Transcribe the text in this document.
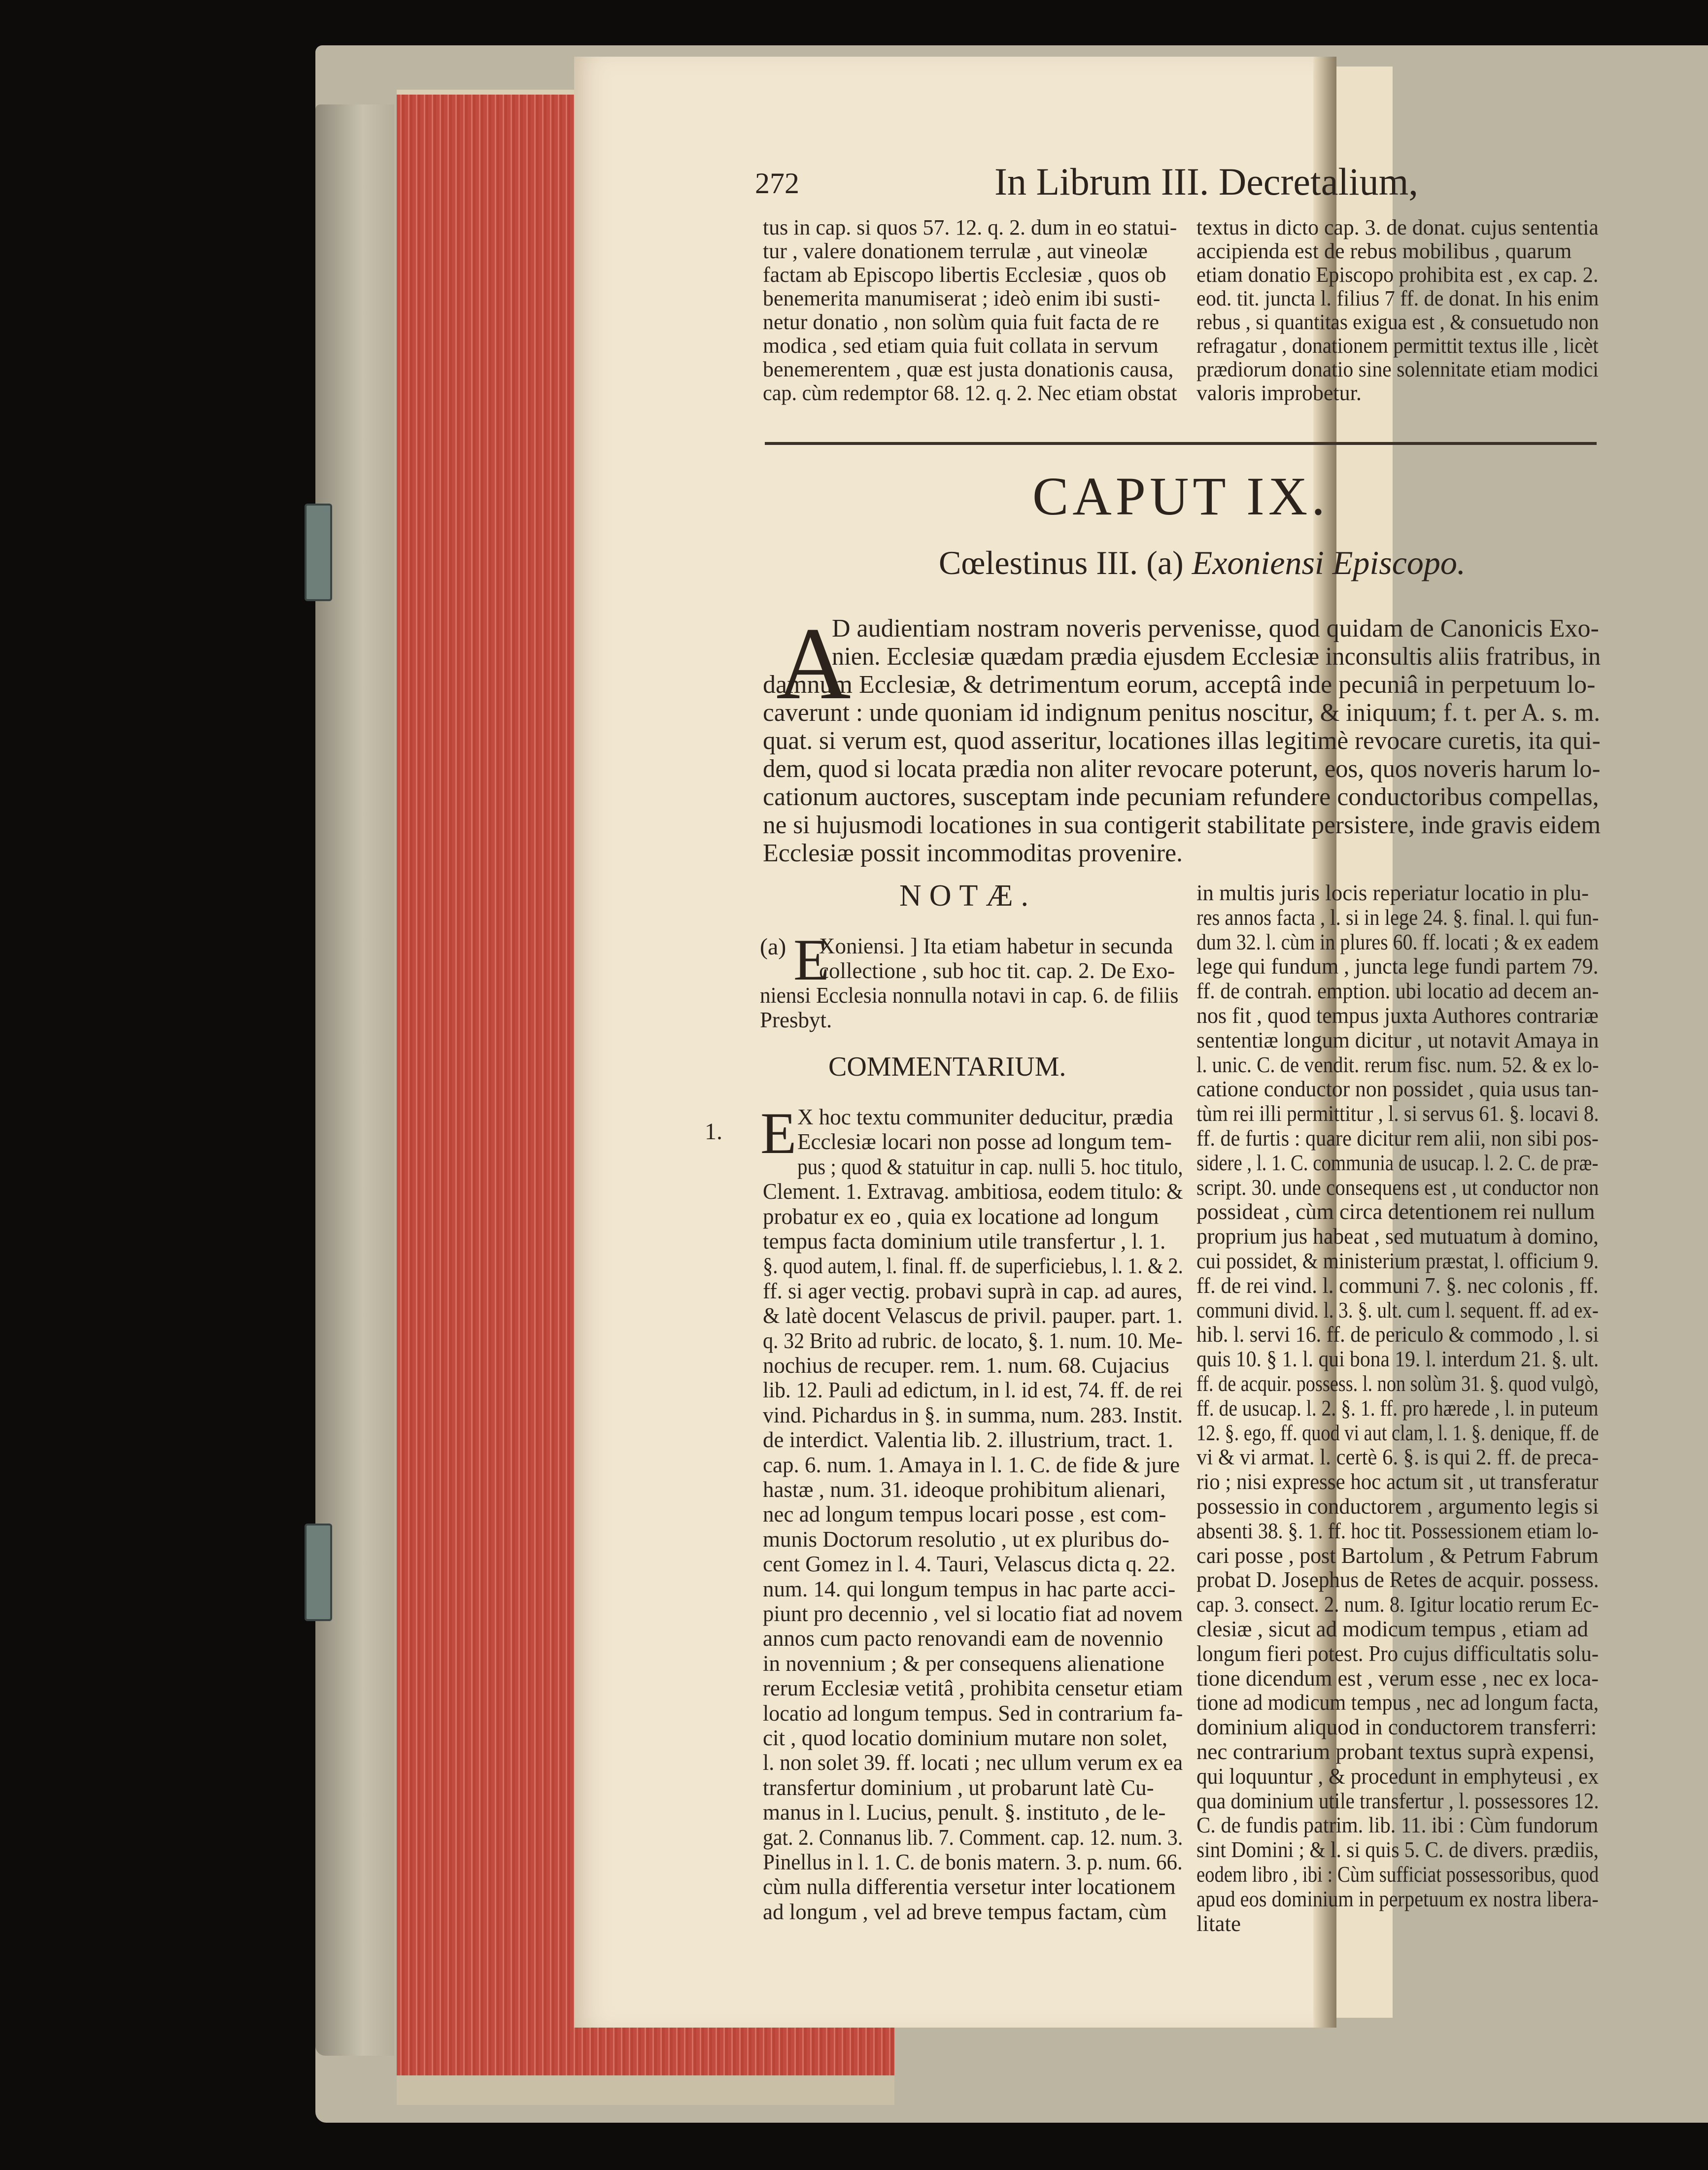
272	In Librum III. Decretalium,
tus in cap. si quos 57. 12. q. 2. dum in eo statui-
tur , valere donationem terrulæ , aut vineolæ
factam ab Episcopo libertis Ecclesiæ , quos ob
benemerita manumiserat ; ideò enim ibi susti-
netur donatio , non solùm quia fuit facta de re
modica , sed etiam quia fuit collata in servum
benemerentem , quæ est justa donationis causa,
cap. cùm redemptor 68. 12. q. 2. Nec etiam obstat
textus in dicto cap. 3. de donat. cujus sententia
accipienda est de rebus mobilibus , quarum
etiam donatio Episcopo prohibita est , ex cap. 2.
eod. tit. juncta l. filius 7 ff. de donat. In his enim
rebus , si quantitas exigua est , & consuetudo non
refragatur , donationem permittit textus ille , licèt
prædiorum donatio sine solennitate etiam modici
valoris improbetur.
CAPUT IX.
Cœlestinus III. (a) Exoniensi Episcopo.
A
D audientiam nostram noveris pervenisse, quod quidam de Canonicis Exo-
nien. Ecclesiæ quædam prædia ejusdem Ecclesiæ inconsultis aliis fratribus, in
damnum Ecclesiæ, & detrimentum eorum, acceptâ inde pecuniâ in perpetuum lo-
caverunt : unde quoniam id indignum penitus noscitur, & iniquum; f. t. per A. s. m.
quat. si verum est, quod asseritur, locationes illas legitimè revocare curetis, ita qui-
dem, quod si locata prædia non aliter revocare poterunt, eos, quos noveris harum lo-
cationum auctores, susceptam inde pecuniam refundere conductoribus compellas,
ne si hujusmodi locationes in sua contigerit stabilitate persistere, inde gravis eidem
Ecclesiæ possit incommoditas provenire.
NOTÆ.
(a) E
Xoniensi. ] Ita etiam habetur in secunda
collectione , sub hoc tit. cap. 2. De Exo-
niensi Ecclesia nonnulla notavi in cap. 6. de filiis
Presbyt.
COMMENTARIUM.
1. E X hoc textu communiter deducitur, prædia
Ecclesiæ locari non posse ad longum tem-
pus ; quod & statuitur in cap. nulli 5. hoc titulo,
Clement. 1. Extravag. ambitiosa, eodem titulo: &
probatur ex eo , quia ex locatione ad longum
tempus facta dominium utile transfertur , l. 1.
§. quod autem, l. final. ff. de superficiebus, l. 1. & 2.
ff. si ager vectig. probavi suprà in cap. ad aures,
& latè docent Velascus de privil. pauper. part. 1.
q. 32 Brito ad rubric. de locato, §. 1. num. 10. Me-
nochius de recuper. rem. 1. num. 68. Cujacius
lib. 12. Pauli ad edictum, in l. id est, 74. ff. de rei
vind. Pichardus in §. in summa, num. 283. Instit.
de interdict. Valentia lib. 2. illustrium, tract. 1.
cap. 6. num. 1. Amaya in l. 1. C. de fide & jure
hastæ , num. 31. ideoque prohibitum alienari,
nec ad longum tempus locari posse , est com-
munis Doctorum resolutio , ut ex pluribus do-
cent Gomez in l. 4. Tauri, Velascus dicta q. 22.
num. 14. qui longum tempus in hac parte acci-
piunt pro decennio , vel si locatio fiat ad novem
annos cum pacto renovandi eam de novennio
in novennium ; & per consequens alienatione
rerum Ecclesiæ vetitâ , prohibita censetur etiam
locatio ad longum tempus. Sed in contrarium fa-
cit , quod locatio dominium mutare non solet,
l. non solet 39. ff. locati ; nec ullum verum ex ea
transfertur dominium , ut probarunt latè Cu-
manus in l. Lucius, penult. §. instituto , de le-
gat. 2. Connanus lib. 7. Comment. cap. 12. num. 3.
Pinellus in l. 1. C. de bonis matern. 3. p. num. 66.
cùm nulla differentia versetur inter locationem
ad longum , vel ad breve tempus factam, cùm
in multis juris locis reperiatur locatio in plu-
res annos facta , l. si in lege 24. §. final. l. qui fun-
dum 32. l. cùm in plures 60. ff. locati ; & ex eadem
lege qui fundum , juncta lege fundi partem 79.
ff. de contrah. emption. ubi locatio ad decem an-
nos fit , quod tempus juxta Authores contrariæ
sententiæ longum dicitur , ut notavit Amaya in
l. unic. C. de vendit. rerum fisc. num. 52. & ex lo-
catione conductor non possidet , quia usus tan-
tùm rei illi permittitur , l. si servus 61. §. locavi 8.
ff. de furtis : quare dicitur rem alii, non sibi pos-
sidere , l. 1. C. communia de usucap. l. 2. C. de præ-
script. 30. unde consequens est , ut conductor non
possideat , cùm circa detentionem rei nullum
proprium jus habeat , sed mutuatum à domino,
cui possidet, & ministerium præstat, l. officium 9.
ff. de rei vind. l. communi 7. §. nec colonis , ff.
communi divid. l. 3. §. ult. cum l. sequent. ff. ad ex-
hib. l. servi 16. ff. de periculo & commodo , l. si
quis 10. § 1. l. qui bona 19. l. interdum 21. §. ult.
ff. de acquir. possess. l. non solùm 31. §. quod vulgò,
ff. de usucap. l. 2. §. 1. ff. pro hærede , l. in puteum
12. §. ego, ff. quod vi aut clam, l. 1. §. denique, ff. de
vi & vi armat. l. certè 6. §. is qui 2. ff. de preca-
rio ; nisi expresse hoc actum sit , ut transferatur
possessio in conductorem , argumento legis si
absenti 38. §. 1. ff. hoc tit. Possessionem etiam lo-
cari posse , post Bartolum , & Petrum Fabrum
probat D. Josephus de Retes de acquir. possess.
cap. 3. consect. 2. num. 8. Igitur locatio rerum Ec-
clesiæ , sicut ad modicum tempus , etiam ad
longum fieri potest. Pro cujus difficultatis solu-
tione dicendum est , verum esse , nec ex loca-
tione ad modicum tempus , nec ad longum facta,
dominium aliquod in conductorem transferri:
nec contrarium probant textus suprà expensi,
qui loquuntur , & procedunt in emphyteusi , ex
qua dominium utile transfertur , l. possessores 12.
C. de fundis patrim. lib. 11. ibi : Cùm fundorum
sint Domini ; & l. si quis 5. C. de divers. prædiis,
eodem libro , ibi : Cùm sufficiat possessoribus, quod
apud eos dominium in perpetuum ex nostra libera-
litate
